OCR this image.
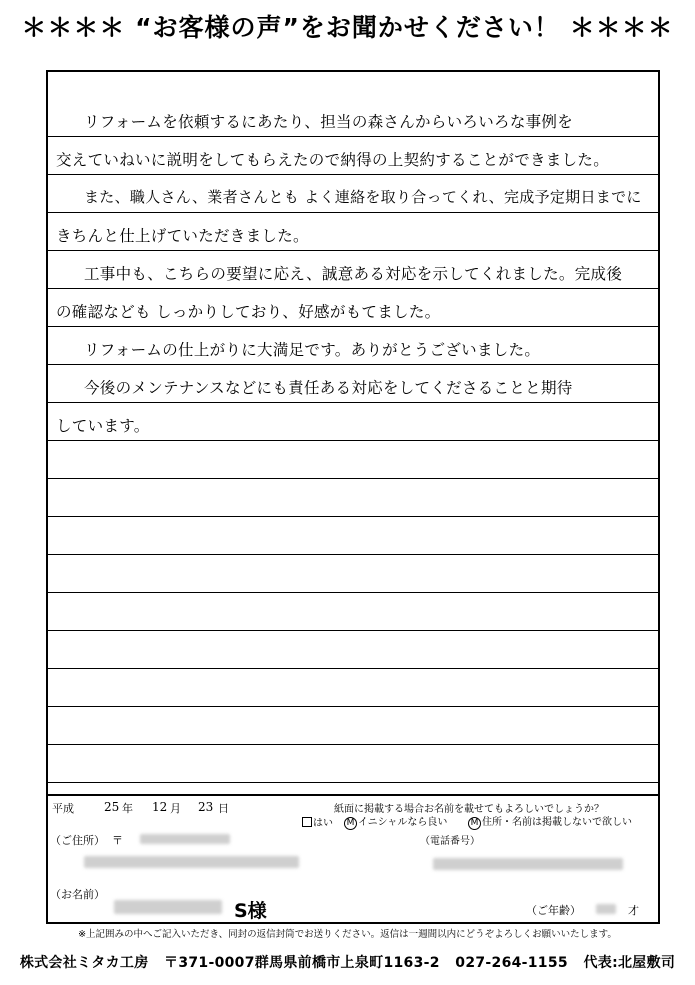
＊＊＊＊ “お客様の声”をお聞かせください！ ＊＊＊＊
リフォームを依頼するにあたり、担当の森さんからいろいろな事例を
交えていねいに説明をしてもらえたので納得の上契約することができました。
また、職人さん、業者さんとも よく連絡を取り合ってくれ、完成予定期日までに
きちんと仕上げていただきました。
工事中も、こちらの要望に応え、誠意ある対応を示してくれました。完成後
の確認なども しっかりしており、好感がもてました。
リフォームの仕上がりに大満足です。ありがとうございました。
今後のメンテナンスなどにも責任ある対応をしてくださることと期待
しています。
平成	25 年 12 月 23 日	紙面に掲載する場合お名前を載せてもよろしいでしょうか？
はい M イニシャルなら良い	M 住所・名前は掲載しないで欲しい
（ご住所） 〒	（電話番号）
（お名前）
S様	（ご年齢）	才
※上記囲みの中へご記入いただき、同封の返信封筒でお送りください。返信は一週間以内にどうぞよろしくお願いいたします。
株式会社ミタカ工房 〒371-0007群馬県前橋市上泉町1163-2 027-264-1155 代表:北屋敷司
